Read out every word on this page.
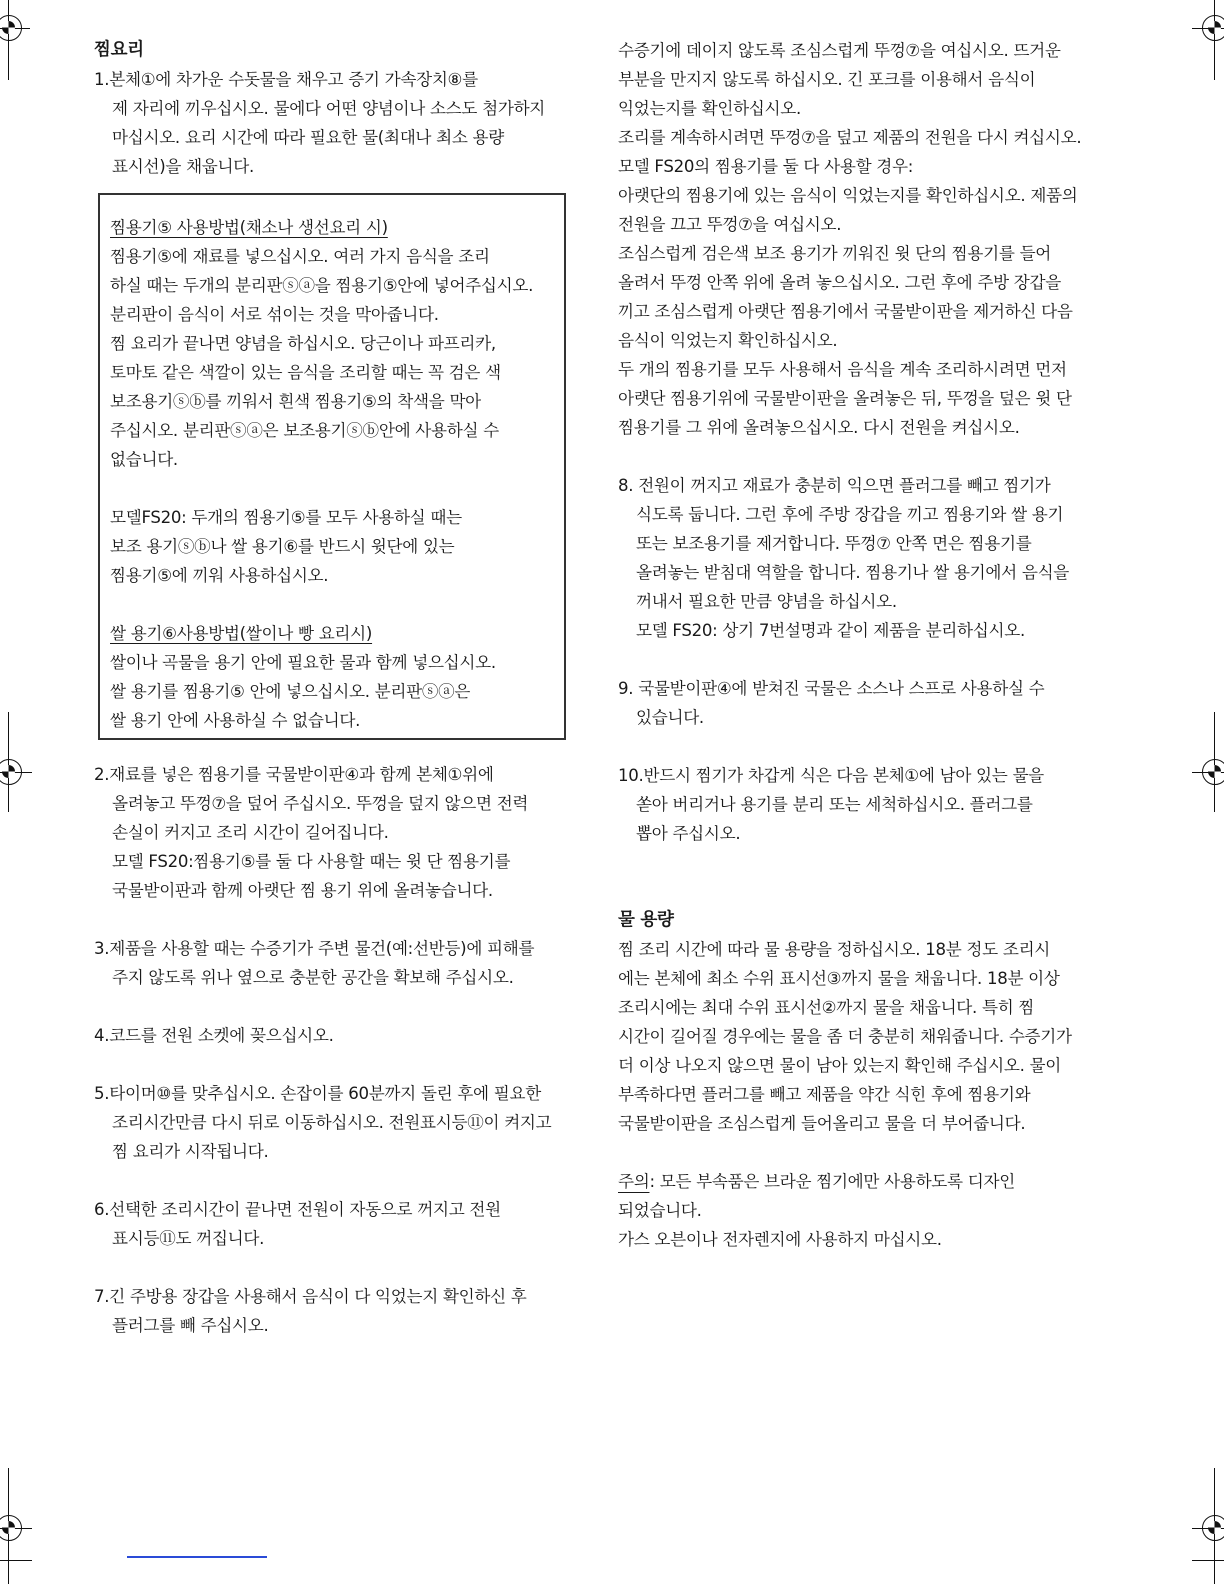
찜요리
1.본체①에 차가운 수돗물을 채우고 증기 가속장치⑧를
제 자리에 끼우십시오. 물에다 어떤 양념이나 소스도 첨가하지
마십시오. 요리 시간에 따라 필요한 물(최대나 최소 용량
표시선)을 채웁니다.
찜용기⑤ 사용방법(채소나 생선요리 시)
찜용기⑤에 재료를 넣으십시오. 여러 가지 음식을 조리
하실 때는 두개의 분리판ⓢⓐ을 찜용기⑤안에 넣어주십시오.
분리판이 음식이 서로 섞이는 것을 막아줍니다.
찜 요리가 끝나면 양념을 하십시오. 당근이나 파프리카,
토마토 같은 색깔이 있는 음식을 조리할 때는 꼭 검은 색
보조용기ⓢⓑ를 끼워서 흰색 찜용기⑤의 착색을 막아
주십시오. 분리판ⓢⓐ은 보조용기ⓢⓑ안에 사용하실 수
없습니다.
모델FS20: 두개의 찜용기⑤를 모두 사용하실 때는
보조 용기ⓢⓑ나 쌀 용기⑥를 반드시 윗단에 있는
찜용기⑤에 끼워 사용하십시오.
쌀 용기⑥사용방법(쌀이나 빵 요리시)
쌀이나 곡물을 용기 안에 필요한 물과 함께 넣으십시오.
쌀 용기를 찜용기⑤ 안에 넣으십시오. 분리판ⓢⓐ은
쌀 용기 안에 사용하실 수 없습니다.
2.재료를 넣은 찜용기를 국물받이판④과 함께 본체①위에
올려놓고 뚜껑⑦을 덮어 주십시오. 뚜껑을 덮지 않으면 전력
손실이 커지고 조리 시간이 길어집니다.
모델 FS20:찜용기⑤를 둘 다 사용할 때는 윗 단 찜용기를
국물받이판과 함께 아랫단 찜 용기 위에 올려놓습니다.
3.제품을 사용할 때는 수증기가 주변 물건(예:선반등)에 피해를
주지 않도록 위나 옆으로 충분한 공간을 확보해 주십시오.
4.코드를 전원 소켓에 꽂으십시오.
5.타이머⑩를 맞추십시오. 손잡이를 60분까지 돌린 후에 필요한
조리시간만큼 다시 뒤로 이동하십시오. 전원표시등⑪이 켜지고
찜 요리가 시작됩니다.
6.선택한 조리시간이 끝나면 전원이 자동으로 꺼지고 전원
표시등⑪도 꺼집니다.
7.긴 주방용 장갑을 사용해서 음식이 다 익었는지 확인하신 후
플러그를 빼 주십시오.
수증기에 데이지 않도록 조심스럽게 뚜껑⑦을 여십시오. 뜨거운
부분을 만지지 않도록 하십시오. 긴 포크를 이용해서 음식이
익었는지를 확인하십시오.
조리를 계속하시려면 뚜껑⑦을 덮고 제품의 전원을 다시 켜십시오.
모델 FS20의 찜용기를 둘 다 사용할 경우:
아랫단의 찜용기에 있는 음식이 익었는지를 확인하십시오. 제품의
전원을 끄고 뚜껑⑦을 여십시오.
조심스럽게 검은색 보조 용기가 끼워진 윗 단의 찜용기를 들어
올려서 뚜껑 안쪽 위에 올려 놓으십시오. 그런 후에 주방 장갑을
끼고 조심스럽게 아랫단 찜용기에서 국물받이판을 제거하신 다음
음식이 익었는지 확인하십시오.
두 개의 찜용기를 모두 사용해서 음식을 계속 조리하시려면 먼저
아랫단 찜용기위에 국물받이판을 올려놓은 뒤, 뚜껑을 덮은 윗 단
찜용기를 그 위에 올려놓으십시오. 다시 전원을 켜십시오.
8. 전원이 꺼지고 재료가 충분히 익으면 플러그를 빼고 찜기가
식도록 둡니다. 그런 후에 주방 장갑을 끼고 찜용기와 쌀 용기
또는 보조용기를 제거합니다. 뚜껑⑦ 안쪽 면은 찜용기를
올려놓는 받침대 역할을 합니다. 찜용기나 쌀 용기에서 음식을
꺼내서 필요한 만큼 양념을 하십시오.
모델 FS20: 상기 7번설명과 같이 제품을 분리하십시오.
9. 국물받이판④에 받쳐진 국물은 소스나 스프로 사용하실 수
있습니다.
10.반드시 찜기가 차갑게 식은 다음 본체①에 남아 있는 물을
쏟아 버리거나 용기를 분리 또는 세척하십시오. 플러그를
뽑아 주십시오.
물 용량
찜 조리 시간에 따라 물 용량을 정하십시오. 18분 정도 조리시
에는 본체에 최소 수위 표시선③까지 물을 채웁니다. 18분 이상
조리시에는 최대 수위 표시선②까지 물을 채웁니다. 특히 찜
시간이 길어질 경우에는 물을 좀 더 충분히 채워줍니다. 수증기가
더 이상 나오지 않으면 물이 남아 있는지 확인해 주십시오. 물이
부족하다면 플러그를 빼고 제품을 약간 식힌 후에 찜용기와
국물받이판을 조심스럽게 들어올리고 물을 더 부어줍니다.
주의: 모든 부속품은 브라운 찜기에만 사용하도록 디자인
되었습니다.
가스 오븐이나 전자렌지에 사용하지 마십시오.
